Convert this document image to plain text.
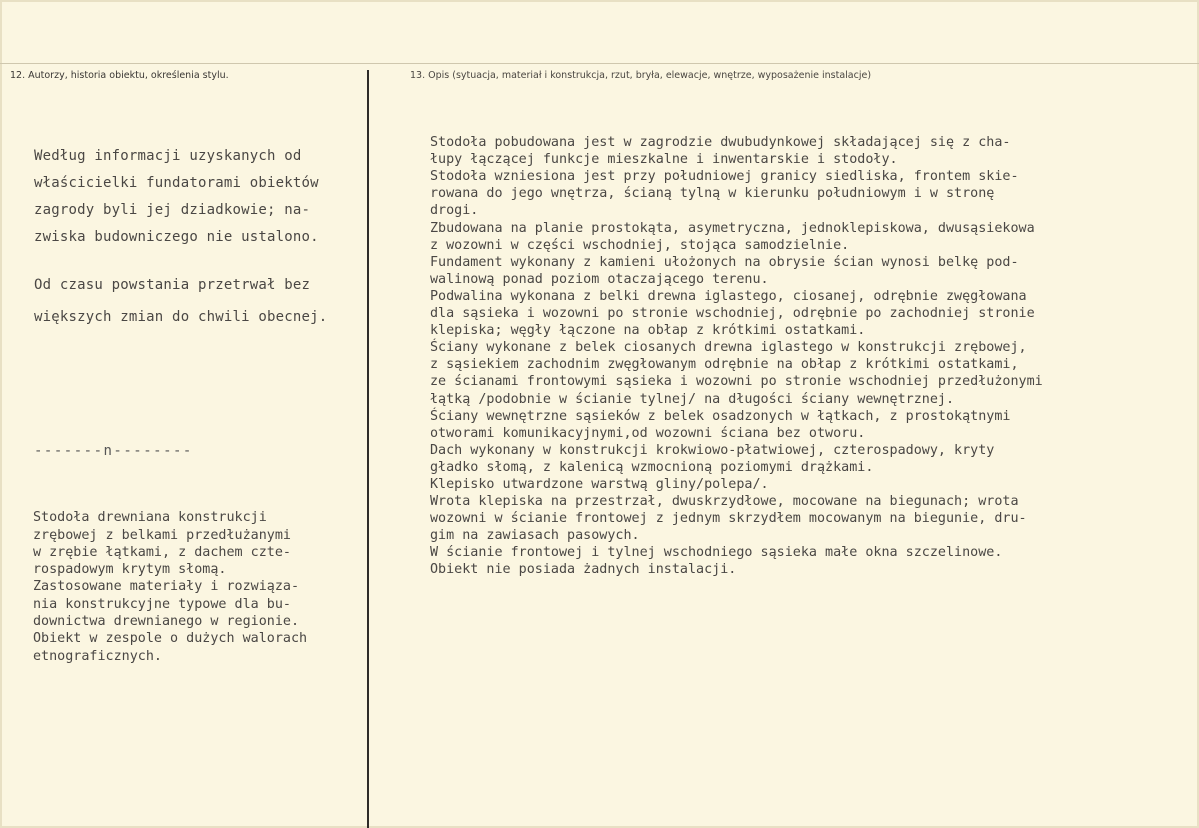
12. Autorzy, historia obiektu, określenia stylu.	13. Opis (sytuacja, materiał i konstrukcja, rzut, bryła, elewacje, wnętrze, wyposażenie instalacje)

Według informacji uzyskanych od
właścicielki fundatorami obiektów
zagrody byli jej dziadkowie; na-
zwiska budowniczego nie ustalono.

Od czasu powstania przetrwał bez
większych zmian do chwili obecnej.

-------n--------

Stodoła drewniana konstrukcji
zrębowej z belkami przedłużanymi
w zrębie łątkami, z dachem czte-
rospadowym krytym słomą.
Zastosowane materiały i rozwiąza-
nia konstrukcyjne typowe dla bu-
downictwa drewnianego w regionie.
Obiekt w zespole o dużych walorach
etnograficznych.

Stodoła pobudowana jest w zagrodzie dwubudynkowej składającej się z cha-
łupy łączącej funkcje mieszkalne i inwentarskie i stodoły.
Stodoła wzniesiona jest przy południowej granicy siedliska, frontem skie-
rowana do jego wnętrza, ścianą tylną w kierunku południowym i w stronę
drogi.
Zbudowana na planie prostokąta, asymetryczna, jednoklepiskowa, dwusąsiekowa
z wozowni w części wschodniej, stojąca samodzielnie.
Fundament wykonany z kamieni ułożonych na obrysie ścian wynosi belkę pod-
walinową ponad poziom otaczającego terenu.
Podwalina wykonana z belki drewna iglastego, ciosanej, odrębnie zwęgłowana
dla sąsieka i wozowni po stronie wschodniej, odrębnie po zachodniej stronie
klepiska; węgły łączone na obłap z krótkimi ostatkami.
Ściany wykonane z belek ciosanych drewna iglastego w konstrukcji zrębowej,
z sąsiekiem zachodnim zwęgłowanym odrębnie na obłap z krótkimi ostatkami,
ze ścianami frontowymi sąsieka i wozowni po stronie wschodniej przedłużonymi
łątką /podobnie w ścianie tylnej/ na długości ściany wewnętrznej.
Ściany wewnętrzne sąsieków z belek osadzonych w łątkach, z prostokątnymi
otworami komunikacyjnymi,od wozowni ściana bez otworu.
Dach wykonany w konstrukcji krokwiowo-płatwiowej, czterospadowy, kryty
gładko słomą, z kalenicą wzmocnioną poziomymi drążkami.
Klepisko utwardzone warstwą gliny/polepa/.
Wrota klepiska na przestrzał, dwuskrzydłowe, mocowane na biegunach; wrota
wozowni w ścianie frontowej z jednym skrzydłem mocowanym na biegunie, dru-
gim na zawiasach pasowych.
W ścianie frontowej i tylnej wschodniego sąsieka małe okna szczelinowe.
Obiekt nie posiada żadnych instalacji.
